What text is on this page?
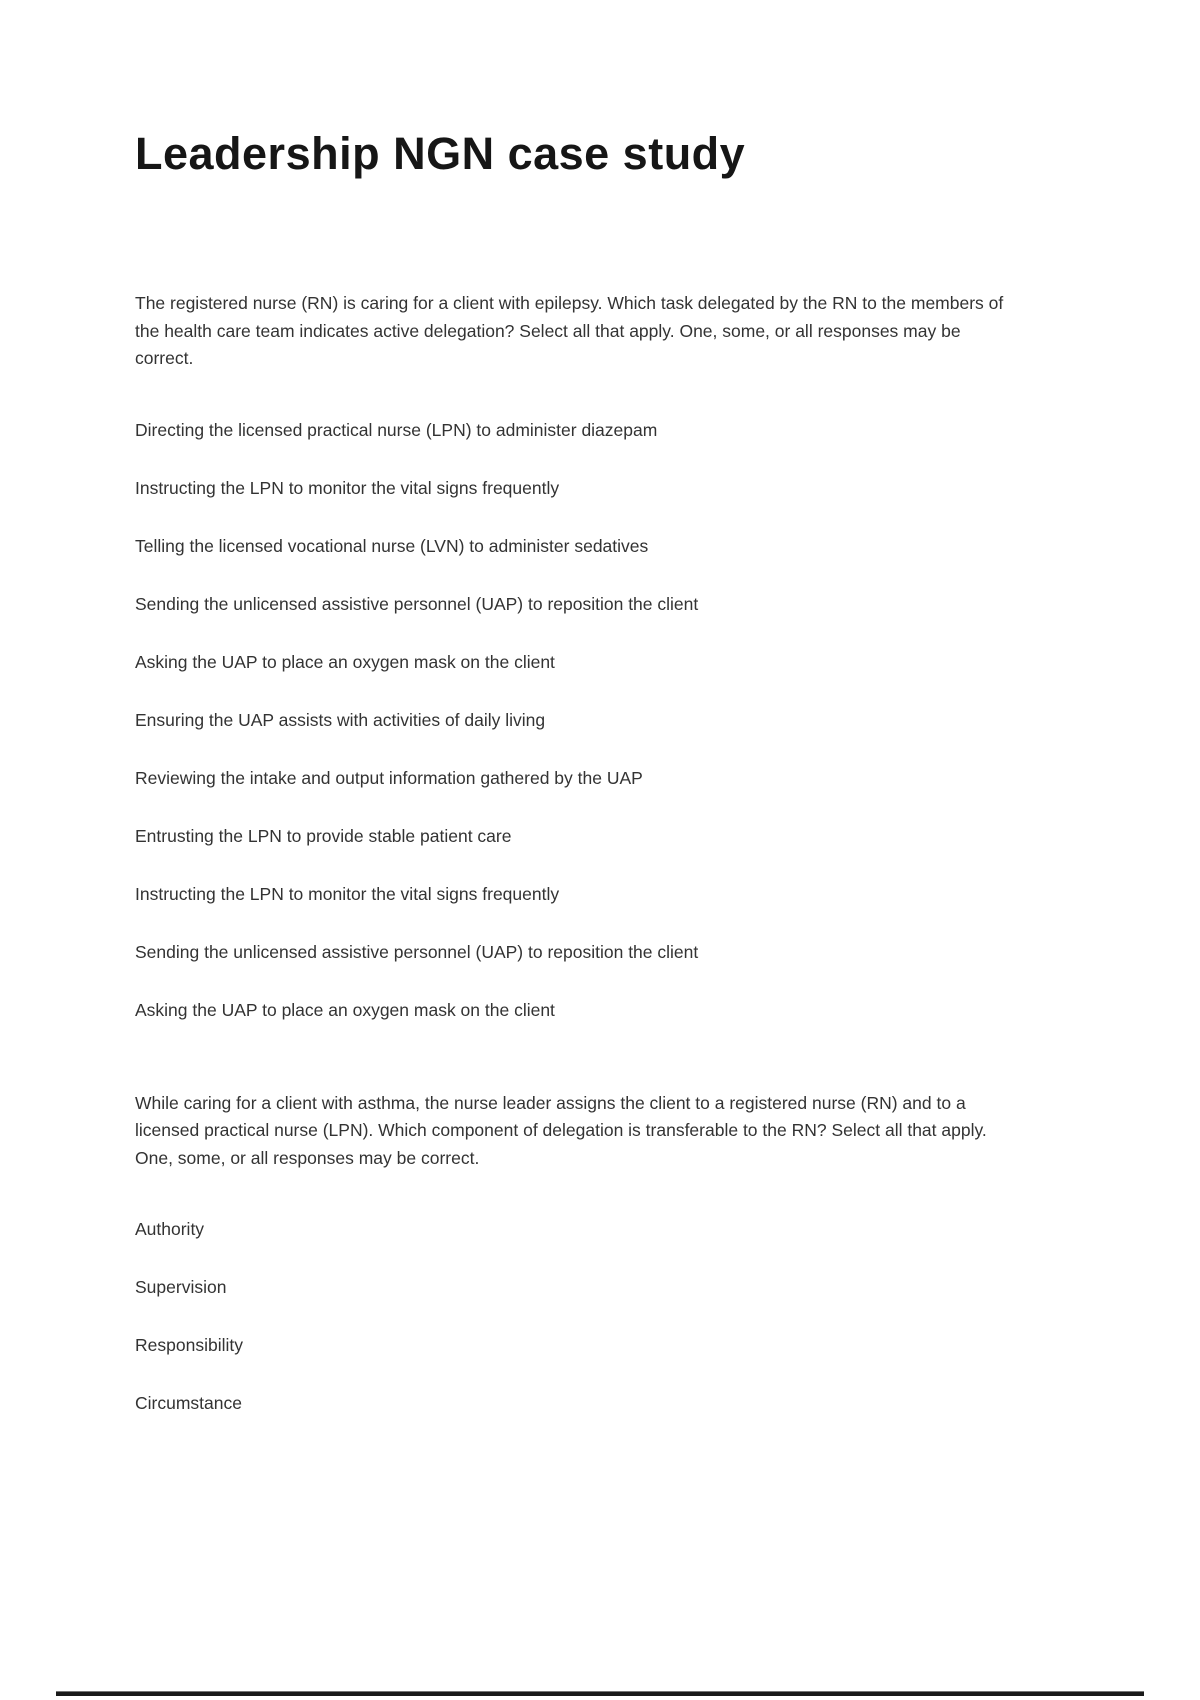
Leadership NGN case study

The registered nurse (RN) is caring for a client with epilepsy. Which task delegated by the RN to the members of the health care team indicates active delegation? Select all that apply. One, some, or all responses may be correct.

Directing the licensed practical nurse (LPN) to administer diazepam

Instructing the LPN to monitor the vital signs frequently

Telling the licensed vocational nurse (LVN) to administer sedatives

Sending the unlicensed assistive personnel (UAP) to reposition the client

Asking the UAP to place an oxygen mask on the client

Ensuring the UAP assists with activities of daily living

Reviewing the intake and output information gathered by the UAP

Entrusting the LPN to provide stable patient care

Instructing the LPN to monitor the vital signs frequently

Sending the unlicensed assistive personnel (UAP) to reposition the client

Asking the UAP to place an oxygen mask on the client

While caring for a client with asthma, the nurse leader assigns the client to a registered nurse (RN) and to a licensed practical nurse (LPN). Which component of delegation is transferable to the RN? Select all that apply. One, some, or all responses may be correct.

Authority

Supervision

Responsibility

Circumstance
